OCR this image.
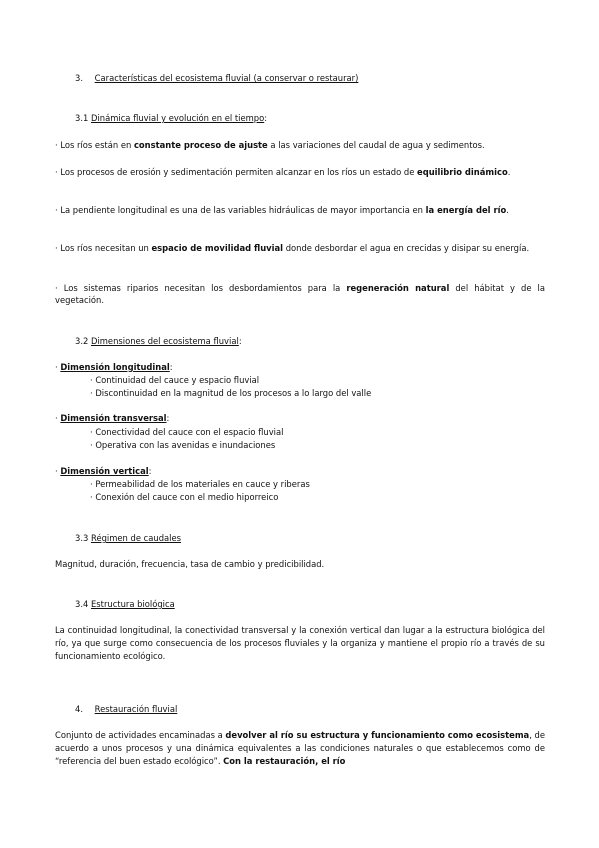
3. Características del ecosistema fluvial (a conservar o restaurar)
3.1 Dinámica fluvial y evolución en el tiempo:
· Los ríos están en constante proceso de ajuste a las variaciones del caudal de agua y sedimentos.
· Los procesos de erosión y sedimentación permiten alcanzar en los ríos un estado de equilibrio dinámico.
· La pendiente longitudinal es una de las variables hidráulicas de mayor importancia en la energía del río.
· Los ríos necesitan un espacio de movilidad fluvial donde desbordar el agua en crecidas y disipar su energía.
· Los sistemas riparios necesitan los desbordamientos para la regeneración natural del hábitat y de la vegetación.
3.2 Dimensiones del ecosistema fluvial:
· Dimensión longitudinal:
· Continuidad del cauce y espacio fluvial
· Discontinuidad en la magnitud de los procesos a lo largo del valle
· Dimensión transversal:
· Conectividad del cauce con el espacio fluvial
· Operativa con las avenidas e inundaciones
· Dimensión vertical:
· Permeabilidad de los materiales en cauce y riberas
· Conexión del cauce con el medio hiporreico
3.3 Régimen de caudales
Magnitud, duración, frecuencia, tasa de cambio y predicibilidad.
3.4 Estructura biológica
La continuidad longitudinal, la conectividad transversal y la conexión vertical dan lugar a la estructura biológica del río, ya que surge como consecuencia de los procesos fluviales y la organiza y mantiene el propio río a través de su funcionamiento ecológico.
4. Restauración fluvial
Conjunto de actividades encaminadas a devolver al río su estructura y funcionamiento como ecosistema, de acuerdo a unos procesos y una dinámica equivalentes a las condiciones naturales o que establecemos como de “referencia del buen estado ecológico”. Con la restauración, el río
